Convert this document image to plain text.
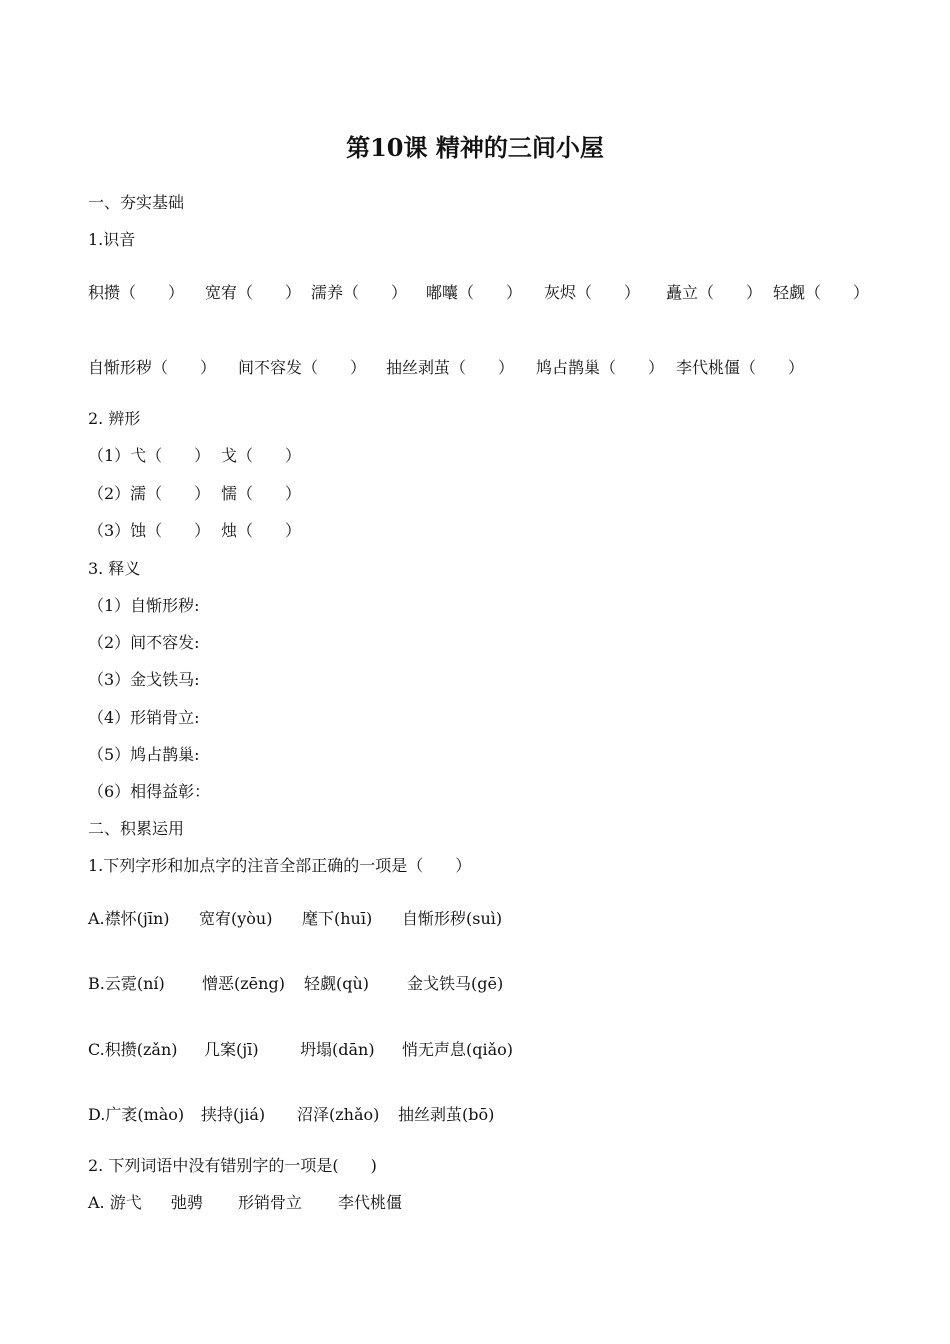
第10课 精神的三间小屋
一、夯实基础
1.识音
积攒（　　） 宽宥（　　） 濡养（　　） 嘟囔（　　） 灰烬（　　） 矗立（　　） 轻觑（　　）
自惭形秽（　　） 间不容发（　　） 抽丝剥茧（　　） 鸠占鹊巢（　　） 李代桃僵（　　）
2. 辨形
（1）弋（　　） 戈（　　）
（2）濡（　　） 懦（　　）
（3）蚀（　　） 烛（　　）
3. 释义
（1）自惭形秽:
（2）间不容发:
（3）金戈铁马:
（4）形销骨立:
（5）鸠占鹊巢:
（6）相得益彰：
二、积累运用
1.下列字形和加点字的注音全部正确的一项是（　　）
A.襟怀(jīn) 宽宥(yòu) 麾下(huī) 自惭形秽(suì)
B.云霓(ní) 憎恶(zēng) 轻觑(qù) 金戈铁马(gē)
C.积攒(zǎn) 几案(jī)	坍塌(dān) 悄无声息(qiǎo)
D.广袤(mào) 挟持(jiá) 沼泽(zhǎo) 抽丝剥茧(bō)
2. 下列词语中没有错别字的一项是(　　)
A. 游弋 弛骋 形销骨立 李代桃僵
